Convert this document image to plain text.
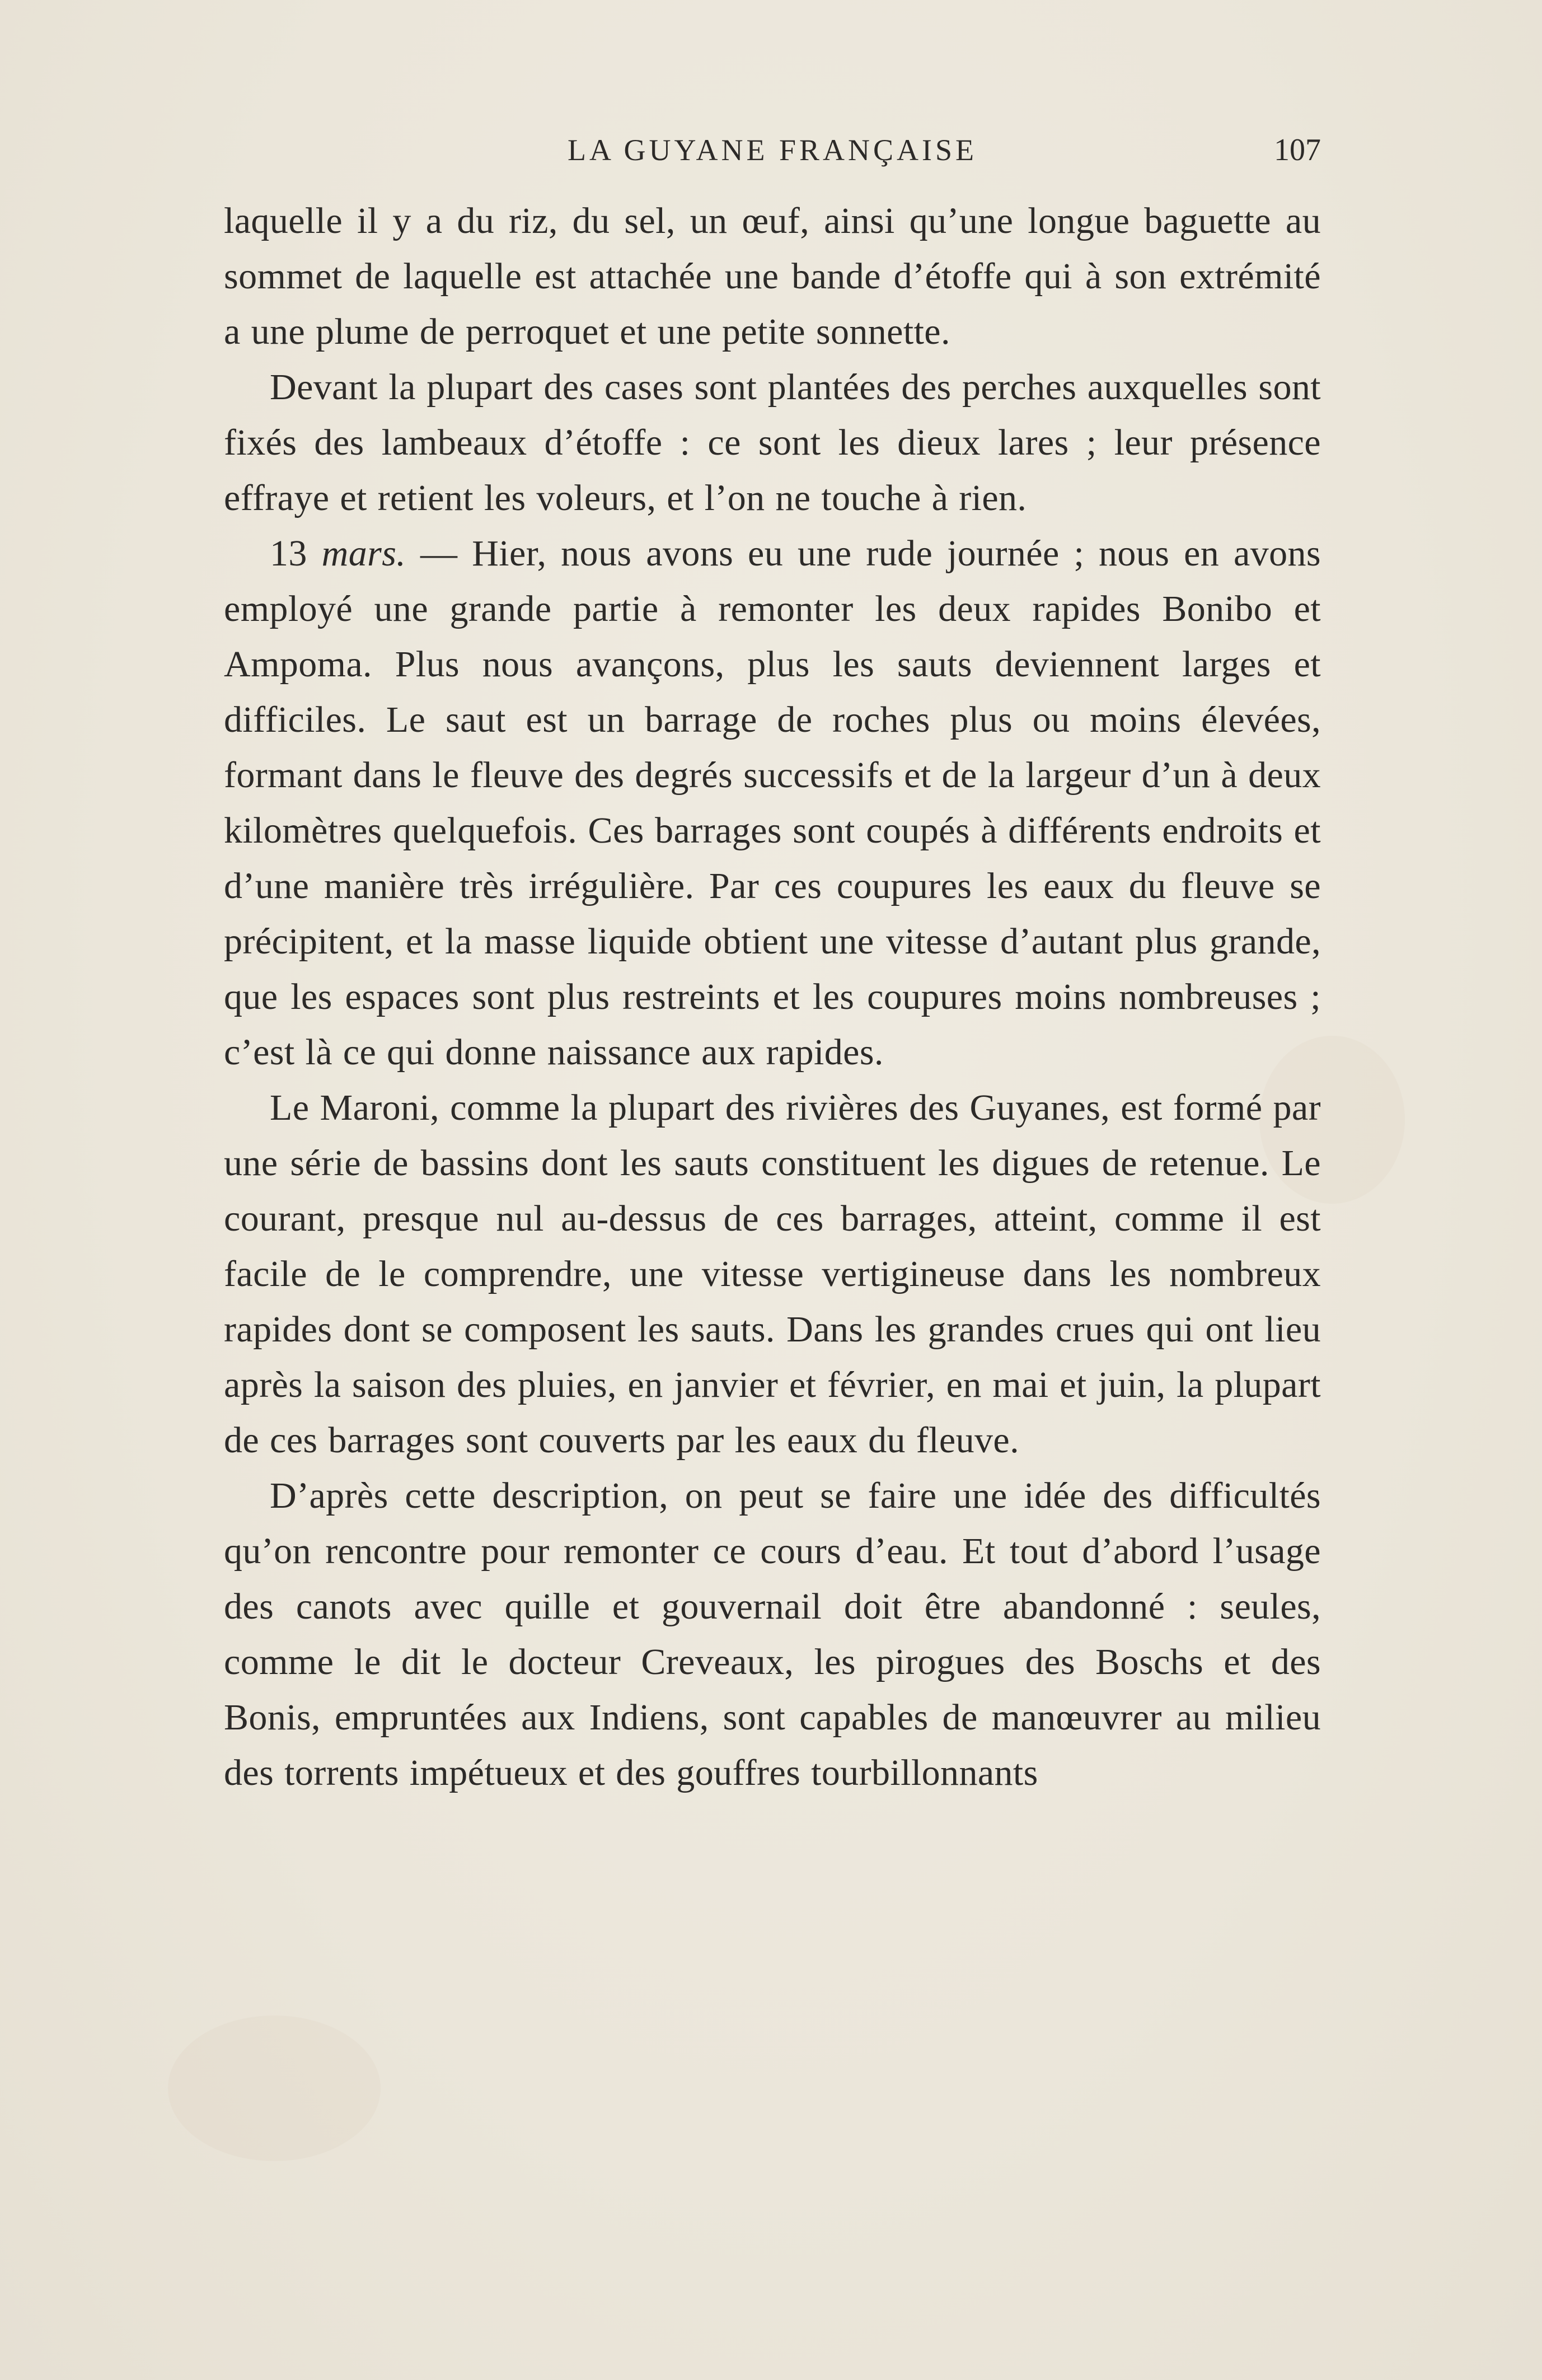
LA GUYANE FRANÇAISE	107

laquelle il y a du riz, du sel, un œuf, ainsi qu’une longue baguette au sommet de laquelle est attachée une bande d’étoffe qui à son extrémité a une plume de perroquet et une petite sonnette.

Devant la plupart des cases sont plantées des perches auxquelles sont fixés des lambeaux d’étoffe : ce sont les dieux lares ; leur présence effraye et retient les voleurs, et l’on ne touche à rien.

13 mars. — Hier, nous avons eu une rude journée ; nous en avons employé une grande partie à remonter les deux rapides Bonibo et Ampoma. Plus nous avançons, plus les sauts deviennent larges et difficiles. Le saut est un barrage de roches plus ou moins élevées, formant dans le fleuve des degrés successifs et de la largeur d’un à deux kilomètres quelquefois. Ces barrages sont coupés à différents endroits et d’une manière très irrégulière. Par ces coupures les eaux du fleuve se précipitent, et la masse liquide obtient une vitesse d’autant plus grande, que les espaces sont plus restreints et les coupures moins nombreuses ; c’est là ce qui donne naissance aux rapides.

Le Maroni, comme la plupart des rivières des Guyanes, est formé par une série de bassins dont les sauts constituent les digues de retenue. Le courant, presque nul au-dessus de ces barrages, atteint, comme il est facile de le comprendre, une vitesse vertigineuse dans les nombreux rapides dont se composent les sauts. Dans les grandes crues qui ont lieu après la saison des pluies, en janvier et février, en mai et juin, la plupart de ces barrages sont couverts par les eaux du fleuve.

D’après cette description, on peut se faire une idée des difficultés qu’on rencontre pour remonter ce cours d’eau. Et tout d’abord l’usage des canots avec quille et gouvernail doit être abandonné : seules, comme le dit le docteur Creveaux, les pirogues des Boschs et des Bonis, empruntées aux Indiens, sont capables de manœuvrer au milieu des torrents impétueux et des gouffres tourbillonnants
